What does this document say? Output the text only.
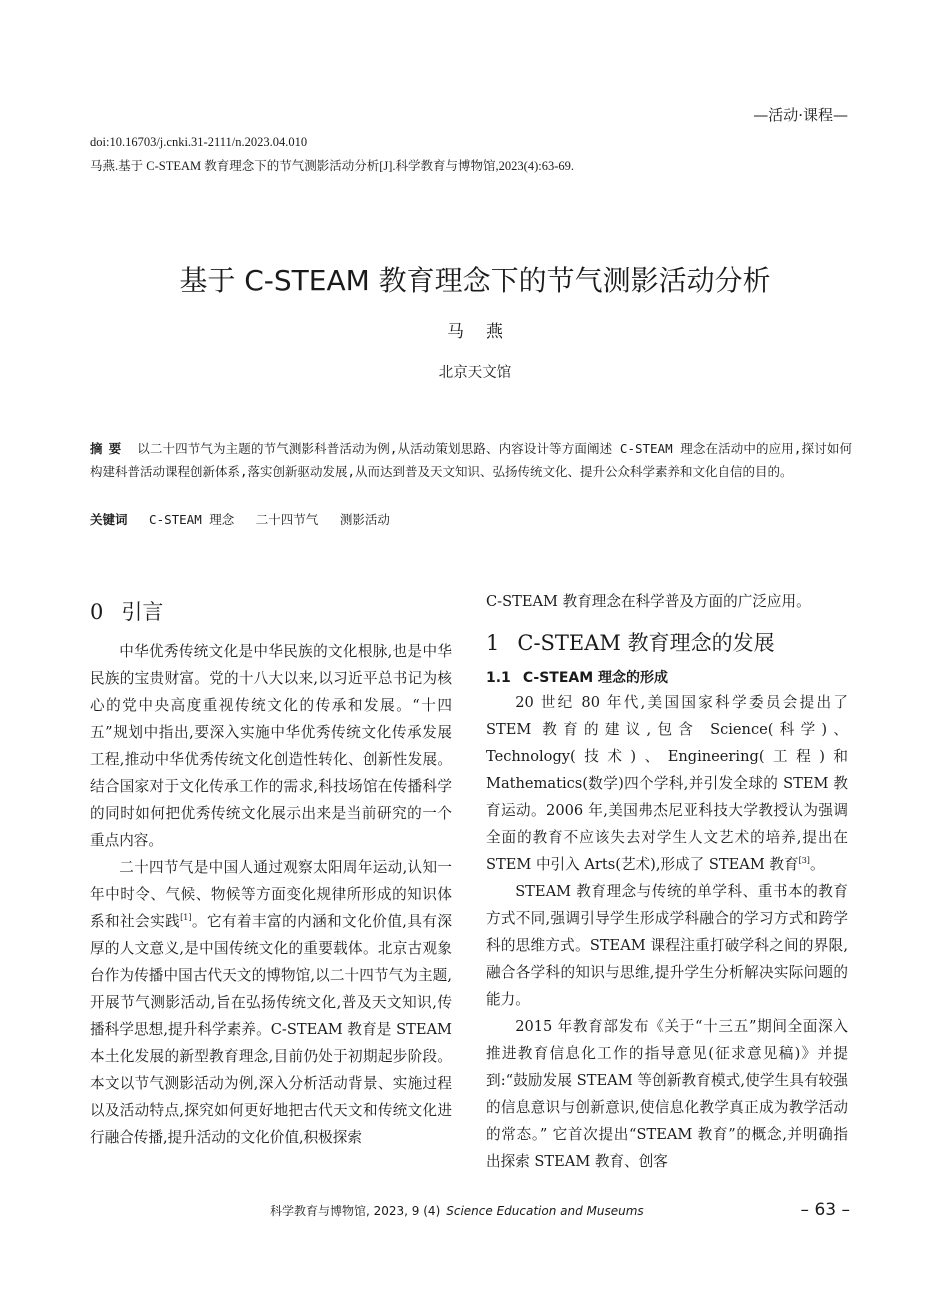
—活动·课程—
doi:10.16703/j.cnki.31-2111/n.2023.04.010
马燕.基于 C-STEAM 教育理念下的节气测影活动分析[J].科学教育与博物馆,2023(4):63-69.
基于 C-STEAM 教育理念下的节气测影活动分析
马燕
北京天文馆
摘要 以二十四节气为主题的节气测影科普活动为例,从活动策划思路、内容设计等方面阐述 C-STEAM 理念在活动中的应用,探讨如何构建科普活动课程创新体系,落实创新驱动发展,从而达到普及天文知识、弘扬传统文化、提升公众科学素养和文化自信的目的。
关键词 C-STEAM 理念 二十四节气 测影活动
0 引言

中华优秀传统文化是中华民族的文化根脉,也是中华民族的宝贵财富。党的十八大以来,以习近平总书记为核心的党中央高度重视传统文化的传承和发展。“十四五”规划中指出,要深入实施中华优秀传统文化传承发展工程,推动中华优秀传统文化创造性转化、创新性发展。结合国家对于文化传承工作的需求,科技场馆在传播科学的同时如何把优秀传统文化展示出来是当前研究的一个重点内容。

二十四节气是中国人通过观察太阳周年运动,认知一年中时令、气候、物候等方面变化规律所形成的知识体系和社会实践[1]。它有着丰富的内涵和文化价值,具有深厚的人文意义,是中国传统文化的重要载体。北京古观象台作为传播中国古代天文的博物馆,以二十四节气为主题,开展节气测影活动,旨在弘扬传统文化,普及天文知识,传播科学思想,提升科学素养。C-STEAM 教育是 STEAM 本土化发展的新型教育理念,目前仍处于初期起步阶段。本文以节气测影活动为例,深入分析活动背景、实施过程以及活动特点,探究如何更好地把古代天文和传统文化进行融合传播,提升活动的文化价值,积极探索

C-STEAM 教育理念在科学普及方面的广泛应用。

1 C-STEAM 教育理念的发展
1.1 C-STEAM 理念的形成

20 世纪 80 年代,美国国家科学委员会提出了 STEM 教育的建议,包含 Science(科学)、Technology(技术)、Engineering(工程)和 Mathematics(数学)四个学科,并引发全球的 STEM 教育运动。2006 年,美国弗杰尼亚科技大学教授认为强调全面的教育不应该失去对学生人文艺术的培养,提出在 STEM 中引入 Arts(艺术),形成了 STEAM 教育[3]。

STEAM 教育理念与传统的单学科、重书本的教育方式不同,强调引导学生形成学科融合的学习方式和跨学科的思维方式。STEAM 课程注重打破学科之间的界限,融合各学科的知识与思维,提升学生分析解决实际问题的能力。

2015 年教育部发布《关于“十三五”期间全面深入推进教育信息化工作的指导意见(征求意见稿)》并提到:“鼓励发展 STEAM 等创新教育模式,使学生具有较强的信息意识与创新意识,使信息化教学真正成为教学活动的常态。” 它首次提出“STEAM 教育”的概念,并明确指出探索 STEAM 教育、创客

科学教育与博物馆, 2023, 9 (4) Science Education and Museums	– 63 –
